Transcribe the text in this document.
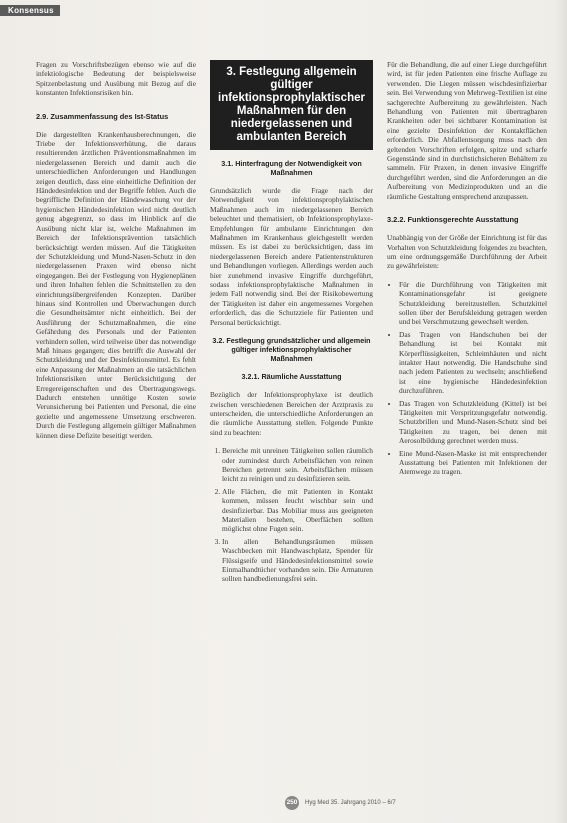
Konsensus

Fragen zu Vorschriftsbezügen ebenso wie auf die infektiologische Bedeutung der beispielsweise Spitzenbelastung und Ausübung mit Bezug auf die konstanten Infektionsrisiken hin.

2.9. Zusammenfassung des Ist-Status

Die dargestellten Krankenhausberechnungen, die Triebe der Infektionsverhütung, die daraus resultierenden ärztlichen Präventionsmaßnahmen im niedergelassenen Bereich und damit auch die unterschiedlichen Anforderungen und Handlungen zeigen deutlich, dass eine einheitliche Definition der Händedesinfektion und der Begriffe fehlen. Auch die begriffliche Definition der Händewaschung vor der hygienischen Händedesinfektion wird nicht deutlich genug abgegrenzt, so dass im Hinblick auf die Ausübung nicht klar ist, welche Maßnahmen im Bereich der Infektionsprävention tatsächlich berücksichtigt werden müssen. Auf die Tätigkeiten der Schutzkleidung und Mund-Nasen-Schutz in den niedergelassenen Praxen wird ebenso nicht eingegangen. Bei der Festlegung von Hygieneplänen und ihren Inhalten fehlen die Schnittstellen zu den einrichtungsübergreifenden Konzepten. Darüber hinaus sind Kontrollen und Überwachungen durch die Gesundheitsämter nicht einheitlich. Bei der Ausführung der Schutzmaßnahmen, die eine Gefährdung des Personals und der Patienten verhindern sollen, wird teilweise über das notwendige Maß hinaus gegangen; dies betrifft die Auswahl der Schutzkleidung und der Desinfektionsmittel. Es fehlt eine Anpassung der Maßnahmen an die tatsächlichen Infektionsrisiken unter Berücksichtigung der Erregereigenschaften und des Übertragungswegs. Dadurch entstehen unnötige Kosten sowie Verunsicherung bei Patienten und Personal, die eine gezielte und angemessene Umsetzung erschweren. Durch die Festlegung allgemein gültiger Maßnahmen können diese Defizite beseitigt werden.

3. Festlegung allgemein gültiger infektionsprophylaktischer Maßnahmen für den niedergelassenen und ambulanten Bereich
3.1. Hinterfragung der Notwendigkeit von Maßnahmen

Grundsätzlich wurde die Frage nach der Notwendigkeit von infektionsprophylaktischen Maßnahmen auch im niedergelassenen Bereich beleuchtet und thematisiert, ob Infektionsprophylaxe-Empfehlungen für ambulante Einrichtungen den Maßnahmen im Krankenhaus gleichgestellt werden müssen. Es ist dabei zu berücksichtigen, dass im niedergelassenen Bereich andere Patientenstrukturen und Behandlungen vorliegen. Allerdings werden auch hier zunehmend invasive Eingriffe durchgeführt, sodass infektionsprophylaktische Maßnahmen in jedem Fall notwendig sind. Bei der Risikobewertung der Tätigkeiten ist daher ein angemessenes Vorgehen erforderlich, das die Schutzziele für Patienten und Personal berücksichtigt.

3.2. Festlegung grundsätzlicher und allgemein gültiger infektionsprophylaktischer Maßnahmen
3.2.1. Räumliche Ausstattung

Bezüglich der Infektionsprophylaxe ist deutlich zwischen verschiedenen Bereichen der Arztpraxis zu unterscheiden, die unterschiedliche Anforderungen an die räumliche Ausstattung stellen. Folgende Punkte sind zu beachten:

1. Bereiche mit unreinen Tätigkeiten sollen räumlich oder zumindest durch Arbeitsflächen von reinen Bereichen getrennt sein. Arbeitsflächen müssen leicht zu reinigen und zu desinfizieren sein.
2. Alle Flächen, die mit Patienten in Kontakt kommen, müssen feucht wischbar sein und desinfizierbar. Das Mobiliar muss aus geeigneten Materialien bestehen, Oberflächen sollten möglichst ohne Fugen sein.
3. In allen Behandlungsräumen müssen Waschbecken mit Handwaschplatz, Spender für Flüssigseife und Händedesinfektionsmittel sowie Einmalhandtücher vorhanden sein. Die Armaturen sollten handbedienungsfrei sein.

Für die Behandlung, die auf einer Liege durchgeführt wird, ist für jeden Patienten eine frische Auflage zu verwenden. Die Liegen müssen wischdesinfizierbar sein. Bei Verwendung von Mehrweg-Textilien ist eine sachgerechte Aufbereitung zu gewährleisten. Nach Behandlung von Patienten mit übertragbaren Krankheiten oder bei sichtbarer Kontamination ist eine gezielte Desinfektion der Kontaktflächen erforderlich. Die Abfallentsorgung muss nach den geltenden Vorschriften erfolgen, spitze und scharfe Gegenstände sind in durchstichsicheren Behältern zu sammeln. Für Praxen, in denen invasive Eingriffe durchgeführt werden, sind die Anforderungen an die Aufbereitung von Medizinprodukten und an die räumliche Gestaltung entsprechend anzupassen.

3.2.2. Funktionsgerechte Ausstattung

Unabhängig von der Größe der Einrichtung ist für das Vorhalten von Schutzkleidung folgendes zu beachten, um eine ordnungsgemäße Durchführung der Arbeit zu gewährleisten:

• Für die Durchführung von Tätigkeiten mit Kontaminationsgefahr ist geeignete Schutzkleidung bereitzustellen. Schutzkittel sollen über der Berufskleidung getragen werden und bei Verschmutzung gewechselt werden.
• Das Tragen von Handschuhen bei der Behandlung ist bei Kontakt mit Körperflüssigkeiten, Schleimhäuten und nicht intakter Haut notwendig. Die Handschuhe sind nach jedem Patienten zu wechseln; anschließend ist eine hygienische Händedesinfektion durchzuführen.
• Das Tragen von Schutzkleidung (Kittel) ist bei Tätigkeiten mit Verspritzungsgefahr notwendig. Schutzbrillen und Mund-Nasen-Schutz sind bei Tätigkeiten zu tragen, bei denen mit Aerosolbildung gerechnet werden muss.
• Eine Mund-Nasen-Maske ist mit entsprechender Ausstattung bei Patienten mit Infektionen der Atemwege zu tragen.
250 Hyg Med 35. Jahrgang 2010 – 6/7
